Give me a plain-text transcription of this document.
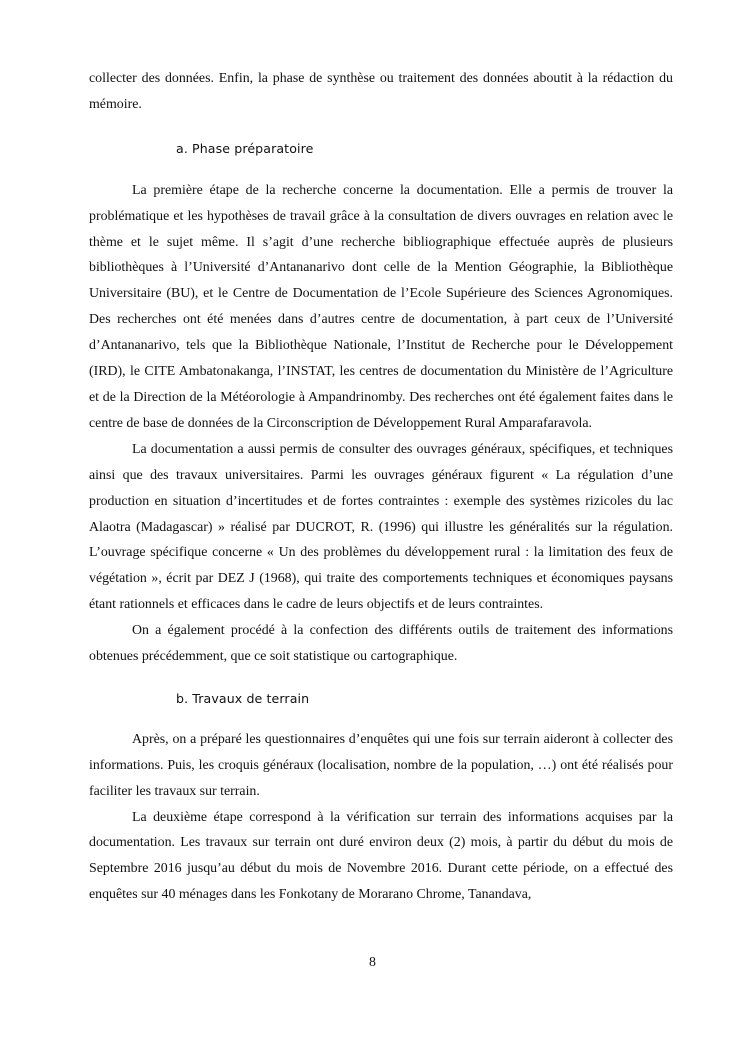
collecter des données. Enfin, la phase de synthèse ou traitement des données aboutit à la rédaction du mémoire.

a. Phase préparatoire

La première étape de la recherche concerne la documentation. Elle a permis de trouver la problématique et les hypothèses de travail grâce à la consultation de divers ouvrages en relation avec le thème et le sujet même. Il s’agit d’une recherche bibliographique effectuée auprès de plusieurs bibliothèques à l’Université d’Antananarivo dont celle de la Mention Géographie, la Bibliothèque Universitaire (BU), et le Centre de Documentation de l’Ecole Supérieure des Sciences Agronomiques. Des recherches ont été menées dans d’autres centre de documentation, à part ceux de l’Université d’Antananarivo, tels que la Bibliothèque Nationale, l’Institut de Recherche pour le Développement (IRD), le CITE Ambatonakanga, l’INSTAT, les centres de documentation du Ministère de l’Agriculture et de la Direction de la Météorologie à Ampandrinomby. Des recherches ont été également faites dans le centre de base de données de la Circonscription de Développement Rural Amparafaravola.

La documentation a aussi permis de consulter des ouvrages généraux, spécifiques, et techniques ainsi que des travaux universitaires. Parmi les ouvrages généraux figurent « La régulation d’une production en situation d’incertitudes et de fortes contraintes : exemple des systèmes rizicoles du lac Alaotra (Madagascar) » réalisé par DUCROT, R. (1996) qui illustre les généralités sur la régulation. L’ouvrage spécifique concerne « Un des problèmes du développement rural : la limitation des feux de végétation », écrit par DEZ J (1968), qui traite des comportements techniques et économiques paysans étant rationnels et efficaces dans le cadre de leurs objectifs et de leurs contraintes.

On a également procédé à la confection des différents outils de traitement des informations obtenues précédemment, que ce soit statistique ou cartographique.

b. Travaux de terrain

Après, on a préparé les questionnaires d’enquêtes qui une fois sur terrain aideront à collecter des informations. Puis, les croquis généraux (localisation, nombre de la population, …) ont été réalisés pour faciliter les travaux sur terrain.

La deuxième étape correspond à la vérification sur terrain des informations acquises par la documentation. Les travaux sur terrain ont duré environ deux (2) mois, à partir du début du mois de Septembre 2016 jusqu’au début du mois de Novembre 2016. Durant cette période, on a effectué des enquêtes sur 40 ménages dans les Fonkotany de Morarano Chrome, Tanandava,

8
